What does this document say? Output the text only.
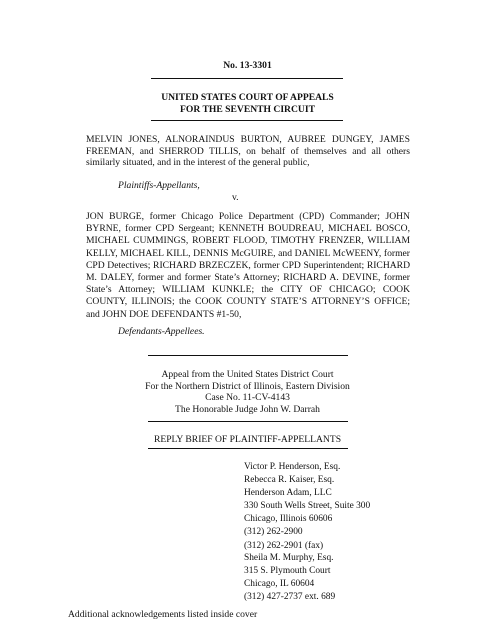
No. 13-3301
UNITED STATES COURT OF APPEALS
FOR THE SEVENTH CIRCUIT
MELVIN JONES, ALNORAINDUS BURTON, AUBREE DUNGEY, JAMES FREEMAN, and SHERROD TILLIS, on behalf of themselves and all others similarly situated, and in the interest of the general public,
Plaintiffs-Appellants,
v.
JON BURGE, former Chicago Police Department (CPD) Commander; JOHN BYRNE, former CPD Sergeant; KENNETH BOUDREAU, MICHAEL BOSCO, MICHAEL CUMMINGS, ROBERT FLOOD, TIMOTHY FRENZER, WILLIAM KELLY, MICHAEL KILL, DENNIS McGUIRE, and DANIEL McWEENY, former CPD Detectives; RICHARD BRZECZEK, former CPD Superintendent; RICHARD M. DALEY, former and former State’s Attorney; RICHARD A. DEVINE, former State’s Attorney; WILLIAM KUNKLE; the CITY OF CHICAGO; COOK COUNTY, ILLINOIS; the COOK COUNTY STATE’S ATTORNEY’S OFFICE; and JOHN DOE DEFENDANTS #1-50,
Defendants-Appellees.
Appeal from the United States District Court
For the Northern District of Illinois, Eastern Division
Case No. 11-CV-4143
The Honorable Judge John W. Darrah
REPLY BRIEF OF PLAINTIFF-APPELLANTS
Victor P. Henderson, Esq.
Rebecca R. Kaiser, Esq.
Henderson Adam, LLC
330 South Wells Street, Suite 300
Chicago, Illinois 60606
(312) 262-2900
(312) 262-2901 (fax)
Sheila M. Murphy, Esq.
315 S. Plymouth Court
Chicago, IL 60604
(312) 427-2737 ext. 689
Additional acknowledgements listed inside cover
